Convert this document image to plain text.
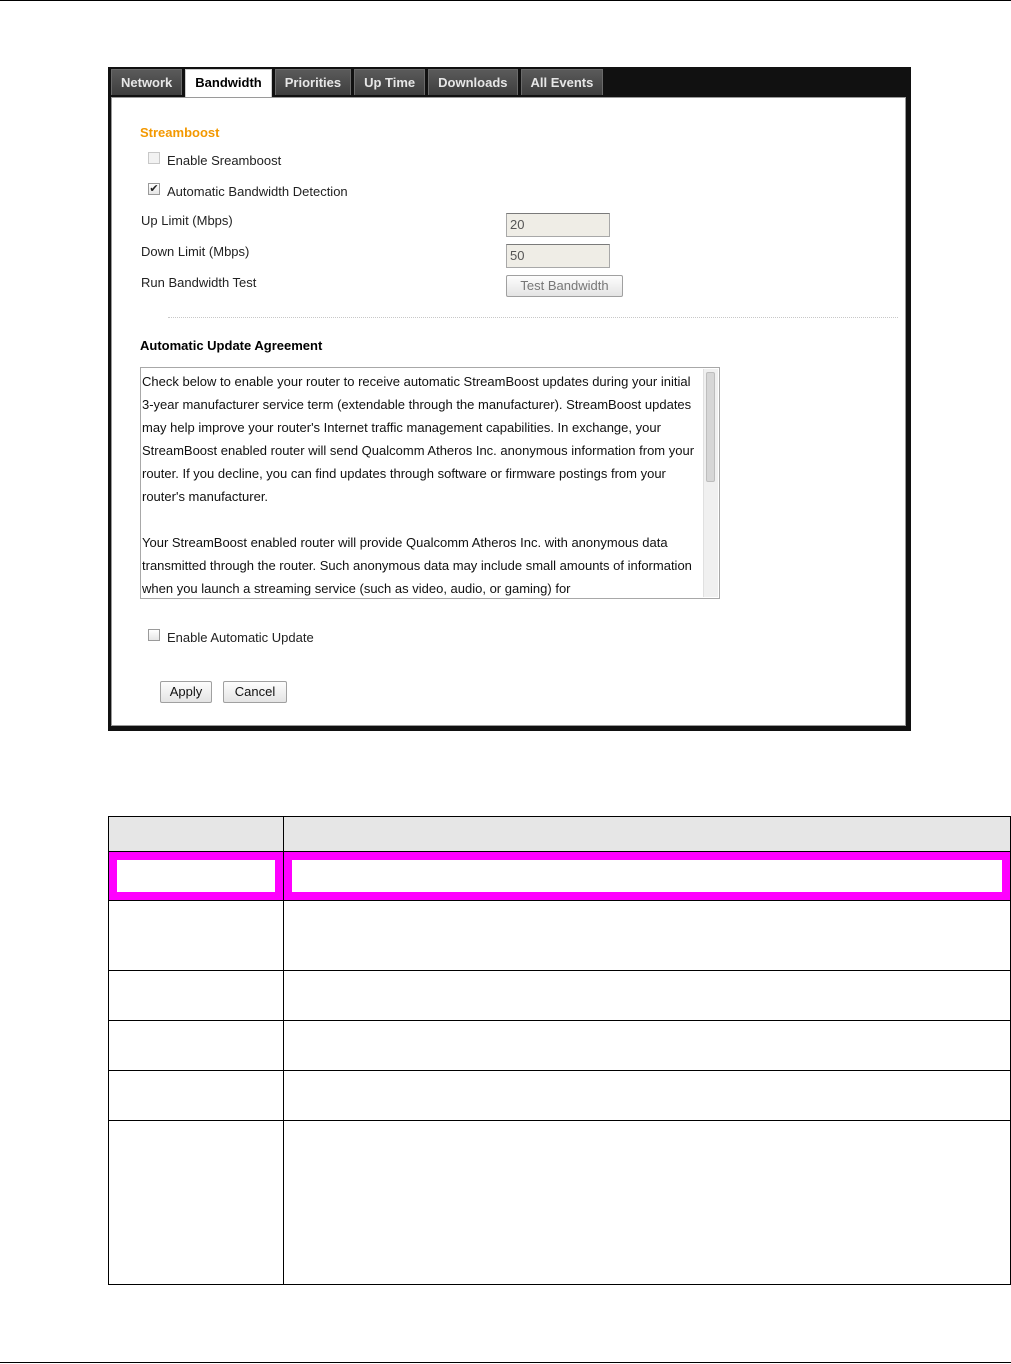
Network	Bandwidth	Priorities	Up Time	Downloads	All Events
Streamboost
Enable Sreamboost
✔ Automatic Bandwidth Detection
Up Limit (Mbps)	20
Down Limit (Mbps)	50
Run Bandwidth Test	Test Bandwidth
Automatic Update Agreement

Check below to enable your router to receive automatic StreamBoost updates during your initial 3-year manufacturer service term (extendable through the manufacturer). StreamBoost updates may help improve your router's Internet traffic management capabilities. In exchange, your StreamBoost enabled router will send Qualcomm Atheros Inc. anonymous information from your router. If you decline, you can find updates through software or firmware postings from your router's manufacturer.

Your StreamBoost enabled router will provide Qualcomm Atheros Inc. with anonymous data transmitted through the router. Such anonymous data may include small amounts of information when you launch a streaming service (such as video, audio, or gaming) for

Enable Automatic Update
Apply	Cancel
